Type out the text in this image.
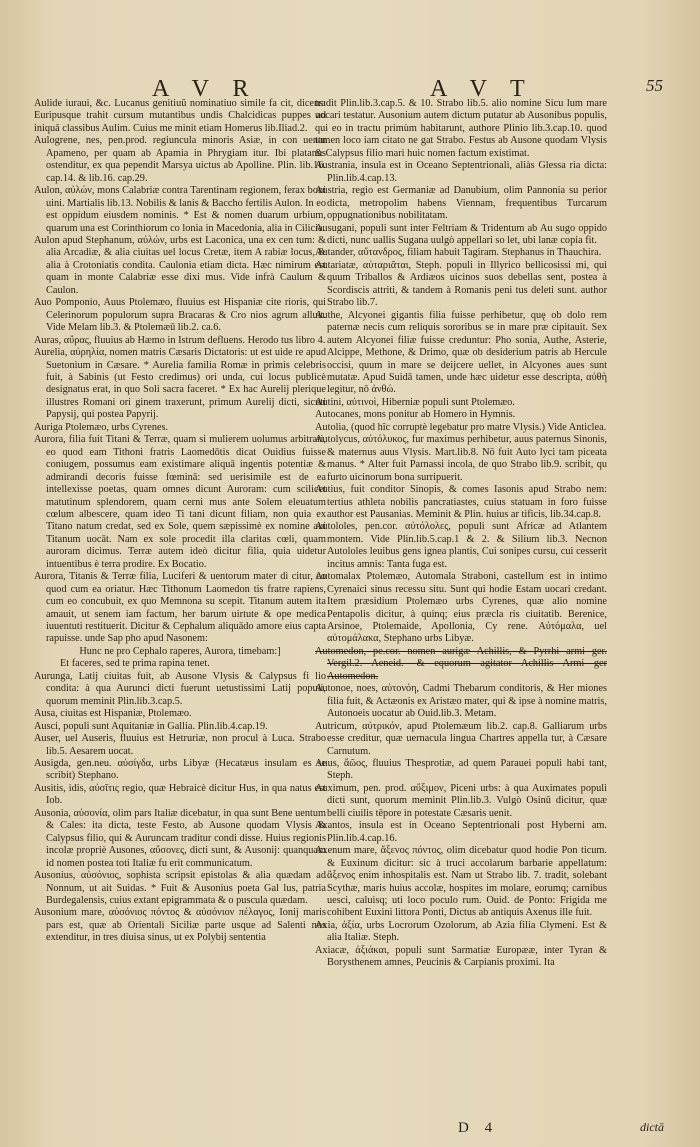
A V R	A V T	55

Aulide iuraui, &c. Lucanus genitiuŭ nominatiuo simile fa cit, dicens: Euripusque trahit cursum mutantibus undis Chalcidicas puppes ad iniquā classibus Aulim. Cuius me minit etiam Homerus lib.Iliad.2.

Aulogrene, nes, pen.prod. regiuncula minoris Asiæ, in con uentu Apameno, per quam ab Apamia in Phrygiam itur. Ibi platanus ostenditur, ex qua pependit Marsya uictus ab Apolline. Plin. lib.16. cap.14. & lib.16. cap.29.

Aulon, αὐλών, mons Calabriæ contra Tarentinam regionem, ferax boni uini. Martialis lib.13. Nobilis & lanis & Baccho fertilis Aulon. In eo est oppidum eiusdem nominis. * Est & nomen duarum urbium, quarum una est Corinthiorum co lonia in Macedonia, alia in Cilicia.

Aulon apud Stephanum, αὐλών, urbs est Laconica, una ex cen tum: & alia Arcadiæ, & alia ciuitas uel locus Cretæ, item A rabiæ locus, & alia à Crotoniatis condita. Caulonia etiam dicta. Hæc nimirum est quam in monte Calabriæ esse dixi mus. Vide infrà Caulum & Caulon.

Auo Pomponio, Auus Ptolemæo, fluuius est Hispaniæ cite rioris, qui Celerinorum populorum supra Bracaras & Cro nios agrum alluit. Vide Melam lib.3. & Ptolemæū lib.2. ca.6.

Auras, αὔρας, fluuius ab Hæmo in Istrum defluens. Herodo tus libro 4.

Aurelia, αὐρηλία, nomen matris Cæsaris Dictatoris: ut est uide re apud Suetonium in Cæsare. * Aurelia familia Romæ in primis celebris fuit, à Sabinis (ut Festo credimus) ori unda, cui locus publicè designatus erat, in quo Soli sacra faceret. * Ex hac Aurelij plerique illustres Romani ori ginem traxerunt, primum Aurelij dicti, sicuti Papysij, qui postea Papyrij.

Auriga Ptolemæo, urbs Cyrenes.

Aurora, filia fuit Titani & Terræ, quam si mulierem uolumus arbitrari, eo quod eam Tithoni fratris Laomedōtis dicat Ouidius fuisse coniugem, possumus eam existimare aliquā ingentis potentiæ & admirandi decoris fuisse fœminā: sed uerisimile est de ea intellexisse poetas, quam omnes dicunt Auroram: cum scilicet matutinum splendorem, quam cerni mus ante Solem eleuatum cœlum albescere, quam ideo Ti tani dicunt filiam, non quia ex Titano natum credat, sed ex Sole, quem sæpissimè ex nomine aui Titanum uocāt. Nam ex sole procedit illa claritas cœli, quam auroram dicimus. Terræ autem ideò dicitur filia, quia uidetur intuentibus è terra prodire. Ex Bocatio.

Aurora, Titanis & Terræ filia, Luciferi & uentorum mater di citur, eo quod cum ea oriatur. Hæc Tithonum Laomedon tis fratre rapiens, cum eo concubuit, ex quo Memnona su scepit. Titanum autem ita amauit, ut senem iam factum, her barum uirtute & ope medica iuuentuti restituerit. Dicitur & Cephalum aliquādo amore eius capta rapuisse. unde Sap pho apud Nasonem:

Hunc ne pro Cephalo raperes, Aurora, timebam:]

Et faceres, sed te prima rapina tenet.

Aurunga, Latij ciuitas fuit, ab Ausone Vlysis & Calypsus fi lio condita: à qua Aurunci dicti fuerunt uetustissimi Latij populi, quorum meminit Plin.lib.3.cap.5.

Ausa, ciuitas est Hispaniæ, Ptolemæo.

Ausci, populi sunt Aquitaniæ in Gallia. Plin.lib.4.cap.19.

Auser, uel Auseris, fluuius est Hetruriæ, non procul à Luca. Strabo lib.5. Aesarem uocat.

Ausigda, gen.neu. αὐσίγδα, urbs Libyæ (Hecatæus insulam es se scribit) Stephano.

Ausitis, idis, αὐσῖτις regio, quæ Hebraicè dicitur Hus, in qua natus est Iob.

Ausonia, αὐσονία, olim pars Italiæ dicebatur, in qua sunt Bene uentum & Cales: ita dicta, teste Festo, ab Ausone quodam Vlysis & Calypsus filio, qui & Auruncam traditur condi disse. Huius regionis incolæ propriè Ausones, αὔσονες, dicti sunt, & Ausonij: quanquam id nomen postea toti Italiæ fu erit communicatum.

Ausonius, αὐσόνιος, sophista scripsit epistolas & alia quædam ad Nonnum, ut ait Suidas. * Fuit & Ausonius poeta Gal lus, patria Burdegalensis, cuius extant epigrammata & o puscula quædam.

Ausonium mare, αὐσόνιος πόντος & αὐσόνιον πέλαγος, Ionij maris pars est, quæ ab Orientali Siciliæ parte usque ad Salenti nos extenditur, in tres diuisa sinus, ut ex Polybij sententia

tradit Plin.lib.3.cap.5. & 10. Strabo lib.5. alio nomine Sicu lum mare uocari testatur. Ausonium autem dictum putatur ab Ausonibus populis, qui eo in tractu primùm habitarunt, authore Plinio lib.3.cap.10. quod tamen loco iam citato ne gat Strabo. Festus ab Ausone quodam Vlysis & Calypsus filio mari huic nomen factum existimat.

Austrania, insula est in Oceano Septentrionali, aliàs Glessa ria dicta: Plin.lib.4.cap.13.

Austria, regio est Germaniæ ad Danubium, olim Pannonia su perior dicta, metropolim habens Viennam, frequentibus Turcarum oppugnationibus nobilitatam.

Ausugani, populi sunt inter Feltriam & Tridentum ab Au sugo oppido dicti, nunc uallis Sugana uulgò appellari so let, ubi lanæ copia fit.

Autander, αὔτανδρος, filiam habuit Tagiram. Stephanus in Thauchira.

Autariatæ, αὐταριᾶται, Steph. populi in Illyrico bellicosissi mi, qui quum Triballos & Ardiæos uicinos suos debellas sent, postea à Scordiscis attriti, & tandem à Romanis peni tus deleti sunt. author Strabo lib.7.

Authe, Alcyonei gigantis filia fuisse perhibetur, quę ob dolo rem paternæ necis cum reliquis sororibus se in mare præ cipitauit. Sex autem Alcyonei filiæ fuisse creduntur: Pho sonia, Authe, Asterie, Alcippe, Methone, & Drimo, quæ ob desiderium patris ab Hercule occisi, quum in mare se deijcere uellet, in Alcyones aues sunt mutatæ. Apud Suidā tamen, unde hæc uidetur esse descripta, αὐθὴ legitur, nō ἀνθώ.

Autini, αὐτινοὶ, Hiberniæ populi sunt Ptolemæo.

Autocanes, mons ponitur ab Homero in Hymnis.

Autolia, (quod hîc corruptè legebatur pro matre Vlysis.) Vide Anticlea.

Autolycus, αὐτόλυκος, fur maximus perhibetur, auus paternus Sinonis, & maternus auus Vlysis. Mart.lib.8. Nō fuit Auto lyci tam piceata manus. * Alter fuit Parnassi incola, de quo Strabo lib.9. scribit, qu furto uicinorum bona surripuerit.

Autius, fuit conditor Sinopis, & comes Iasonis apud Strabo nem: tertius athleta nobilis pancratiastes, cuius statuam in foro fuisse author est Pausanias. Meminit & Plin. huius ar tificis, lib.34.cap.8.

Autololes, pen.cor. αὐτόλολες, populi sunt Africæ ad Atlantem montem. Vide Plin.lib.5.cap.1 & 2. & Silium lib.3. Necnon Autololes leuibus gens ignea plantis, Cui sonipes cursu, cui cesserit incitus amnis: Tanta fuga est.

Automalax Ptolemæo, Automala Straboni, castellum est in intimo Cyrenaici sinus recessu situ. Sunt qui hodie Estam uocari credant. Item præsidium Ptolemæo urbs Cyrenes, quæ alio nomine Pentapolis dicitur, à quinq; eius præcla ris ciuitatib. Berenice, Arsinoe, Ptolemaide, Apollonia, Cy rene. Αὐτόμαλα, uel αὐτομάλακα, Stephano urbs Libyæ.

Automedon, pe.cor. nomen aurigæ Achillis, & Pyrrhi armi ger. Vergil.2. Aeneid.- & equorum agitator Achillis Armi ger Automedon.

Autonoe, noes, αὐτονόη, Cadmi Thebarum conditoris, & Her miones filia fuit, & Actæonis ex Aristæo mater, qui & ipse à nomine matris, Autonoeis uocatur ab Ouid.lib.3. Metam.

Autricum, αὐτρικόν, apud Ptolemæum lib.2. cap.8. Galliarum urbs esse creditur, quæ uernacula lingua Chartres appella tur, à Cæsare Carnutum.

Auus, ἄῶος, fluuius Thesprotiæ, ad quem Parauei populi habi tant, Steph.

Auximum, pen. prod. αὔξιμον, Piceni urbs: à qua Auximates populi dicti sunt, quorum meminit Plin.lib.3. Vulgò Osinū dicitur, quæ belli ciuilis tēpore in potestate Cæsaris uenit.

Axantos, insula est in Oceano Septentrionali post Hyberni am. Plin.lib.4.cap.16.

Axenum mare, ἄξενος πόντος, olim dicebatur quod hodie Pon ticum. & Euxinum dicitur: sic à truci accolarum barbarie appellatum: ἄξενος enim inhospitalis est. Nam ut Strabo lib. 7. tradit, solebant Scythæ, maris huius accolæ, hospites im molare, eorumq; carnibus uesci, caluisq; uti loco poculo rum. Ouid. de Ponto: Frigida me cohibent Euxini littora Ponti, Dictus ab antiquis Axenus ille fuit.

Axia, ἀξία, urbs Locrorum Ozolorum, ab Azia filia Clymeni. Est & alia Italiæ. Steph.

Axiacæ, ἀξιάκαι, populi sunt Sarmatiæ Europææ, inter Tyran & Borysthenem amnes, Peucinis & Carpianis proximi. Ita

D 4	dictā
